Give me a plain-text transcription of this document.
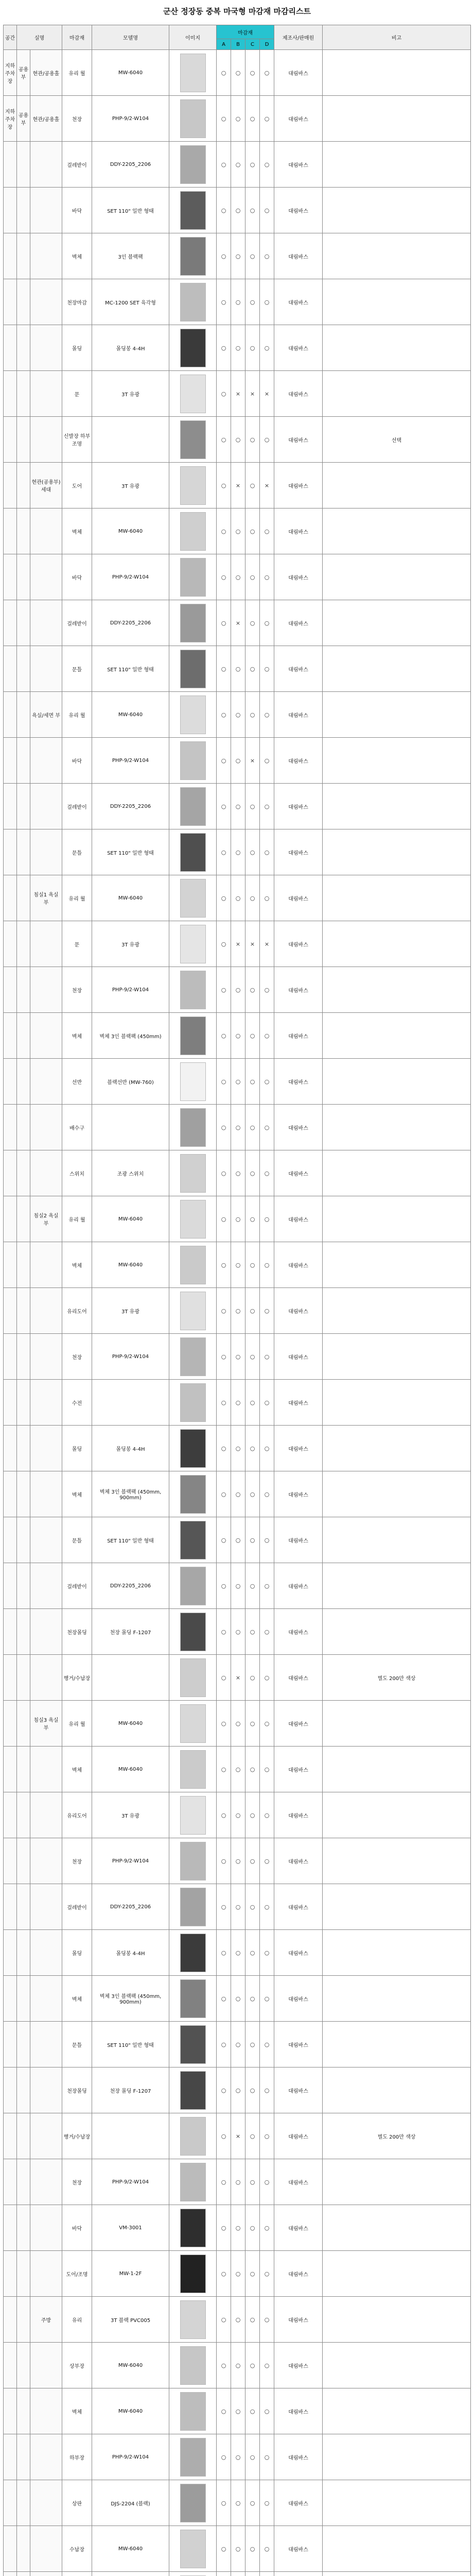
군산 정장동 중복 마국형 마감재 마감리스트
공간	실명		마감재	모델명	이미지	마감재				제조사/판매원	비고
						A	B	C	D		
지하주차장	공용부	현관/공용홀	유리 월	MW-6040		○	○	○	○	대림바스	
지하주차장	공용부	현관/공용홀	천장	PHP-9/2-W104		○	○	○	○	대림바스	
			걸레받이	DDY-2205_2206		○	○	○	○	대림바스	
			바닥	SET 110" 일반 형태		○	○	○	○	대림바스	
			벽체	3인 블랙팩		○	○	○	○	대림바스	
			천장마감	MC-1200 SET 육각형		○	○	○	○	대림바스	
			몰딩	몰딩봉 4-4H		○	○	○	○	대림바스	
			문	3T 유광		○	×	×	×	대림바스	
			신발장 하부조명			○	○	○	○	대림바스	선택
		현관(공용부) 세대	도어	3T 유광		○	×	○	×	대림바스	
			벽체	MW-6040		○	○	○	○	대림바스	
			바닥	PHP-9/2-W104		○	○	○	○	대림바스	
			걸레받이	DDY-2205_2206		○	×	○	○	대림바스	
			문틀	SET 110" 일반 형태		○	○	○	○	대림바스	
		욕실/세면 부	유리 월	MW-6040		○	○	○	○	대림바스	
			바닥	PHP-9/2-W104		○	○	×	○	대림바스	
			걸레받이	DDY-2205_2206		○	○	○	○	대림바스	
			문틀	SET 110" 일반 형태		○	○	○	○	대림바스	
		침실1 욕실부	유리 월	MW-6040		○	○	○	○	대림바스	
			문	3T 유광		○	×	×	×	대림바스	
			천장	PHP-9/2-W104		○	○	○	○	대림바스	
			벽체	벽체 3인 블랙팩 (450mm)		○	○	○	○	대림바스	
			선반	블랙선반 (MW-760)		○	○	○	○	대림바스	
			배수구			○	○	○	○	대림바스	
			스위치	조광 스위치		○	○	○	○	대림바스	
		침실2 욕실부	유리 월	MW-6040		○	○	○	○	대림바스	
			벽체	MW-6040		○	○	○	○	대림바스	
			유리도어	3T 유광		○	○	○	○	대림바스	
			천장	PHP-9/2-W104		○	○	○	○	대림바스	
			수전			○	○	○	○	대림바스	
			몰딩	몰딩봉 4-4H		○	○	○	○	대림바스	
			벽체	벽체 3인 블랙팩 (450mm, 900mm)		○	○	○	○	대림바스	
			문틀	SET 110" 일반 형태		○	○	○	○	대림바스	
			걸레받이	DDY-2205_2206		○	○	○	○	대림바스	
			천장몰딩	천장 몰딩 F-1207		○	○	○	○	대림바스	
			행거/수납장			○	×	○	○	대림바스	별도 200만 색상
		침실3 욕실부	유리 월	MW-6040		○	○	○	○	대림바스	
			벽체	MW-6040		○	○	○	○	대림바스	
			유리도어	3T 유광		○	○	○	○	대림바스	
			천장	PHP-9/2-W104		○	○	○	○	대림바스	
			걸레받이	DDY-2205_2206		○	○	○	○	대림바스	
			몰딩	몰딩봉 4-4H		○	○	○	○	대림바스	
			벽체	벽체 3인 블랙팩 (450mm, 900mm)		○	○	○	○	대림바스	
			문틀	SET 110" 일반 형태		○	○	○	○	대림바스	
			천장몰딩	천장 몰딩 F-1207		○	○	○	○	대림바스	
			행거/수납장			○	×	○	○	대림바스	별도 200만 색상
			천장	PHP-9/2-W104		○	○	○	○	대림바스	
			바닥	VM-3001		○	○	○	○	대림바스	
			도어/조명	MW-1-2F		○	○	○	○	대림바스	
		주방	유리	3T 블랙 PVC005		○	○	○	○	대림바스	
			상부장	MW-6040		○	○	○	○	대림바스	
			벽체	MW-6040		○	○	○	○	대림바스	
			하부장	PHP-9/2-W104		○	○	○	○	대림바스	
			상판	DJS-2204 (블랙)		○	○	○	○	대림바스	
			수납장	MW-6040		○	○	○	○	대림바스	
